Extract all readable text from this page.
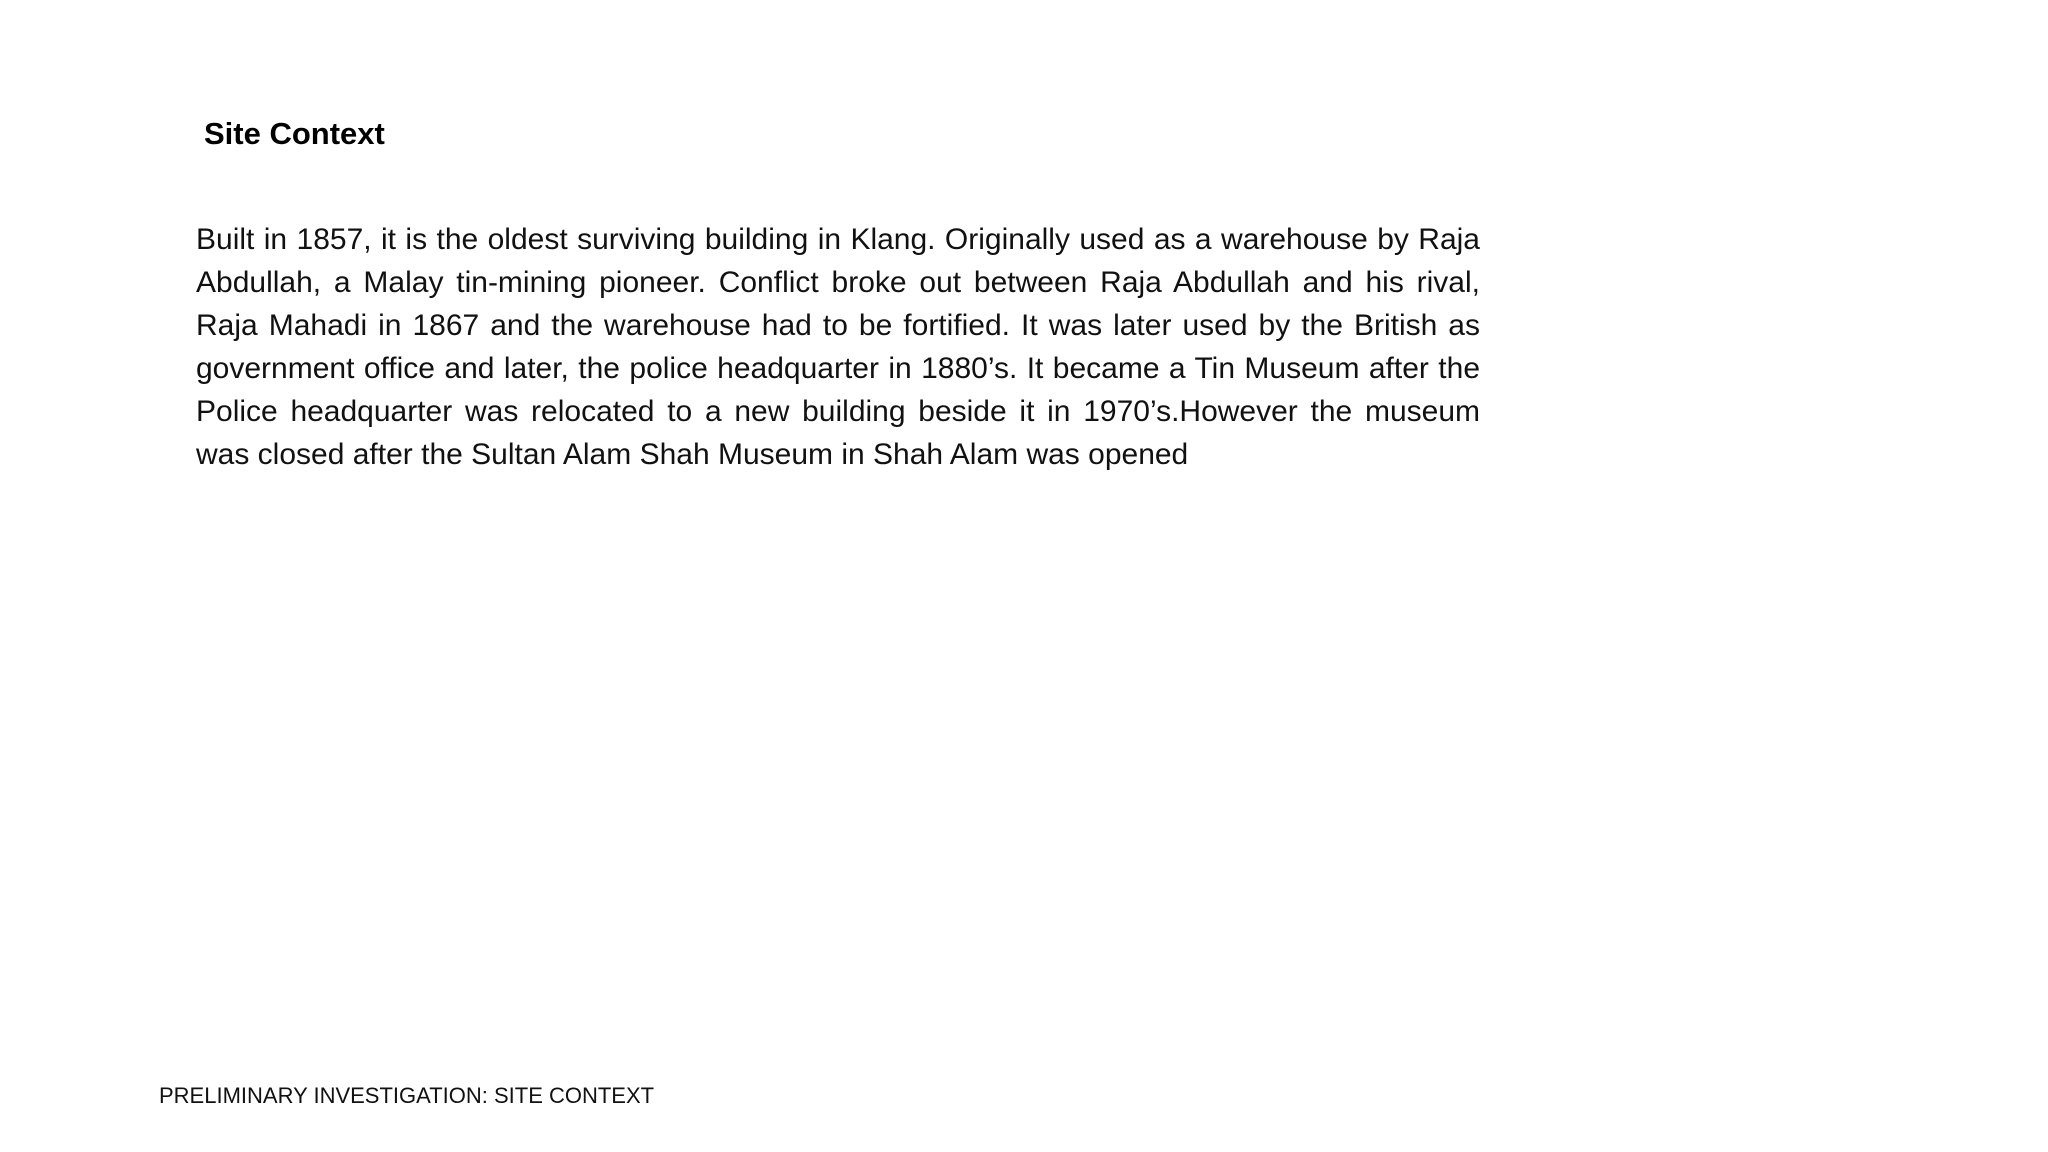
Site Context

Built in 1857, it is the oldest surviving building in Klang. Originally used as a warehouse by Raja Abdullah, a Malay tin-mining pioneer. Conflict broke out between Raja Abdullah and his rival, Raja Mahadi in 1867 and the warehouse had to be fortified. It was later used by the British as government office and later, the police headquarter in 1880’s. It became a Tin Museum after the Police headquarter was relocated to a new building beside it in 1970’s.However the museum was closed after the Sultan Alam Shah Museum in Shah Alam was opened

PRELIMINARY INVESTIGATION: SITE CONTEXT
